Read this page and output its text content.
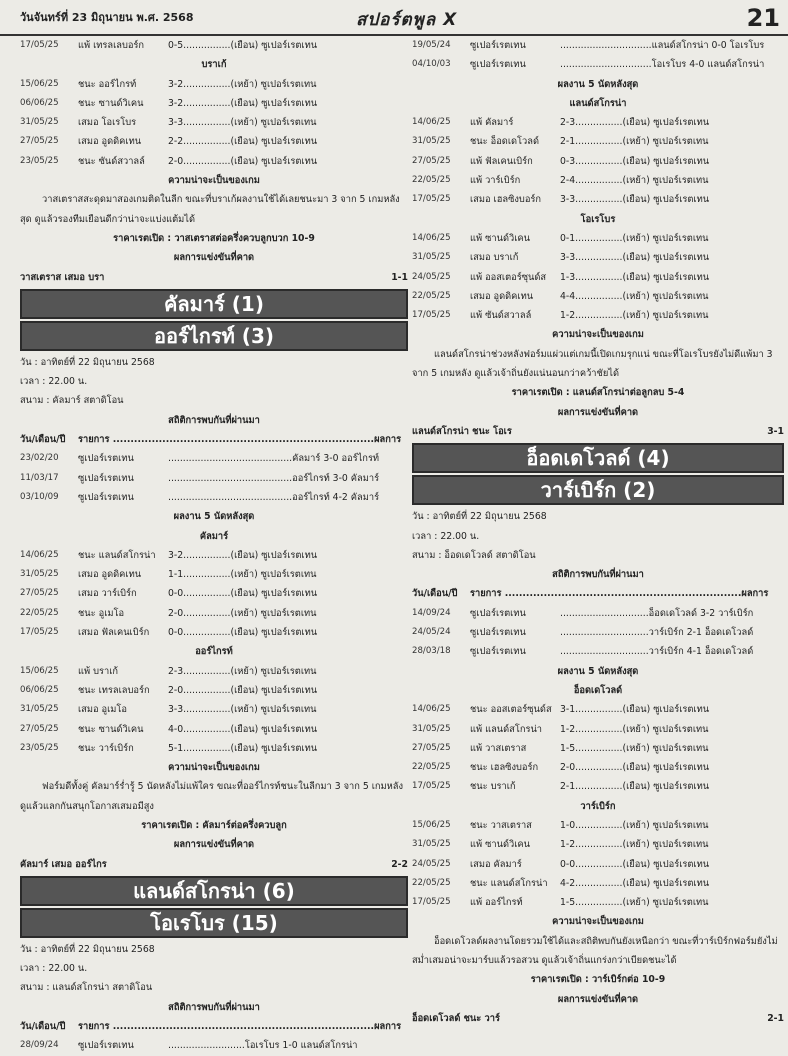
วันจันทร์ที่ 23 มิถุนายน พ.ศ. 2568	สปอร์ตพูล X	21
17/05/25	แพ้ เทรลเลบอร์ก	0-5................(เยือน) ซูเปอร์เรตเทน
บราเก้
15/06/25	ชนะ ออร์ไกรท์	3-2................(เหย้า) ซูเปอร์เรตเทน
06/06/25	ชนะ ซานด์วิเคน	3-2................(เยือน) ซูเปอร์เรตเทน
31/05/25	เสมอ โอเรโบร	3-3................(เหย้า) ซูเปอร์เรตเทน
27/05/25	เสมอ อูดดิคเทน	2-2................(เยือน) ซูเปอร์เรตเทน
23/05/25	ชนะ ซันด์สวาลล์	2-0................(เยือน) ซูเปอร์เรตเทน
ความน่าจะเป็นของเกม
วาสเตราสสะดุดมาสองเกมติดในลีก ขณะที่บราเก้ผลงานใช้ได้เลยชนะมา 3 จาก 5 เกมหลังสุด ดูแล้วรองทีมเยือนดีกว่าน่าจะแบ่งแต้มได้
ราคาเรตเปิด : วาสเตราสต่อครึ่งควบลูกบวก 10-9
ผลการแข่งขันที่คาด
วาสเตราส เสมอ บรา	1-1
คัลมาร์ (1)
ออร์ไกรท์ (3)
วัน : อาทิตย์ที่ 22 มิถุนายน 2568
เวลา : 22.00 น.
สนาม : คัลมาร์ สตาดิโอน
สถิติการพบกันที่ผ่านมา
วัน/เดือน/ปี	รายการ ..........................................................................ผลการ
23/02/20	ซูเปอร์เรตเทน	..........................................คัลมาร์ 3-0 ออร์ไกรท์
11/03/17	ซูเปอร์เรตเทน	..........................................ออร์ไกรท์ 3-0 คัลมาร์
03/10/09	ซูเปอร์เรตเทน	..........................................ออร์ไกรท์ 4-2 คัลมาร์
ผลงาน 5 นัดหลังสุด
คัลมาร์
14/06/25	ชนะ แลนด์สโกรน่า	3-2................(เยือน) ซูเปอร์เรตเทน
31/05/25	เสมอ อูดดิคเทน	1-1................(เหย้า) ซูเปอร์เรตเทน
27/05/25	เสมอ วาร์เบิร์ก	0-0................(เยือน) ซูเปอร์เรตเทน
22/05/25	ชนะ อูเมโอ	2-0................(เหย้า) ซูเปอร์เรตเทน
17/05/25	เสมอ ฟัลเคนเบิร์ก	0-0................(เยือน) ซูเปอร์เรตเทน
ออร์ไกรท์
15/06/25	แพ้ บราเก้	2-3................(เหย้า) ซูเปอร์เรตเทน
06/06/25	ชนะ เทรลเลบอร์ก	2-0................(เยือน) ซูเปอร์เรตเทน
31/05/25	เสมอ อูเมโอ	3-3................(เหย้า) ซูเปอร์เรตเทน
27/05/25	ชนะ ซานด์วิเคน	4-0................(เยือน) ซูเปอร์เรตเทน
23/05/25	ชนะ วาร์เบิร์ก	5-1................(เยือน) ซูเปอร์เรตเทน
ความน่าจะเป็นของเกม
ฟอร์มดีทั้งคู่ คัลมาร์ร่ำรู้ 5 นัดหลังไม่แพ้ใคร ขณะที่ออร์ไกรท์ชนะในลีกมา 3 จาก 5 เกมหลัง ดูแล้วแลกกันสนุกโอกาสเสมอมีสูง
ราคาเรตเปิด : คัลมาร์ต่อครึ่งควบลูก
ผลการแข่งขันที่คาด
คัลมาร์ เสมอ ออร์ไกร	2-2
แลนด์สโกรน่า (6)
โอเรโบร (15)
วัน : อาทิตย์ที่ 22 มิถุนายน 2568
เวลา : 22.00 น.
สนาม : แลนด์สโกรน่า สตาดิโอน
สถิติการพบกันที่ผ่านมา
วัน/เดือน/ปี	รายการ ..........................................................................ผลการ
28/09/24	ซูเปอร์เรตเทน	..........................โอเรโบร 1-0 แลนด์สโกรน่า
19/05/24	ซูเปอร์เรตเทน	...............................แลนด์สโกรน่า 0-0 โอเรโบร
04/10/03	ซูเปอร์เรตเทน	...............................โอเรโบร 4-0 แลนด์สโกรน่า
ผลงาน 5 นัดหลังสุด
แลนด์สโกรน่า
14/06/25	แพ้ คัลมาร์	2-3................(เยือน) ซูเปอร์เรตเทน
31/05/25	ชนะ อ็อดเดโวลด์	2-1................(เหย้า) ซูเปอร์เรตเทน
27/05/25	แพ้ ฟัลเคนเบิร์ก	0-3................(เยือน) ซูเปอร์เรตเทน
22/05/25	แพ้ วาร์เบิร์ก	2-4................(เหย้า) ซูเปอร์เรตเทน
17/05/25	เสมอ เฮลซิงบอร์ก	3-3................(เยือน) ซูเปอร์เรตเทน
โอเรโบร
14/06/25	แพ้ ซานด์วิเคน	0-1................(เหย้า) ซูเปอร์เรตเทน
31/05/25	เสมอ บราเก้	3-3................(เยือน) ซูเปอร์เรตเทน
24/05/25	แพ้ ออสเตอร์ซุนด์ส	1-3................(เยือน) ซูเปอร์เรตเทน
22/05/25	เสมอ อูดดิคเทน	4-4................(เหย้า) ซูเปอร์เรตเทน
17/05/25	แพ้ ซันด์สวาลล์	1-2................(เหย้า) ซูเปอร์เรตเทน
ความน่าจะเป็นของเกม
แลนด์สโกรน่าช่วงหลังฟอร์มแผ่วแต่เกมนี้เปิดเกมรุกแน่ ขณะที่โอเรโบรยังไม่ดีแพ้มา 3 จาก 5 เกมหลัง ดูแล้วเจ้าถิ่นยังแน่นอนกว่าคว้าชัยได้
ราคาเรตเปิด : แลนด์สโกรน่าต่อลูกลบ 5-4
ผลการแข่งขันที่คาด
แลนด์สโกรน่า ชนะ โอเร	3-1
อ็อดเดโวลด์ (4)
วาร์เบิร์ก (2)
วัน : อาทิตย์ที่ 22 มิถุนายน 2568
เวลา : 22.00 น.
สนาม : อ็อดเดโวลด์ สตาดิโอน
สถิติการพบกันที่ผ่านมา
วัน/เดือน/ปี	รายการ ...................................................................ผลการ
14/09/24	ซูเปอร์เรตเทน	..............................อ็อดเดโวลด์ 3-2 วาร์เบิร์ก
24/05/24	ซูเปอร์เรตเทน	..............................วาร์เบิร์ก 2-1 อ็อดเดโวลด์
28/03/18	ซูเปอร์เรตเทน	..............................วาร์เบิร์ก 4-1 อ็อดเดโวลด์
ผลงาน 5 นัดหลังสุด
อ็อดเดโวลด์
14/06/25	ชนะ ออสเตอร์ซุนด์ส 3-1................(เยือน) ซูเปอร์เรตเทน
31/05/25	แพ้ แลนด์สโกรน่า	1-2................(เหย้า) ซูเปอร์เรตเทน
27/05/25	แพ้ วาสเตราส	1-5................(เหย้า) ซูเปอร์เรตเทน
22/05/25	ชนะ เฮลซิงบอร์ก	2-0................(เยือน) ซูเปอร์เรตเทน
17/05/25	ชนะ บราเก้	2-1................(เยือน) ซูเปอร์เรตเทน
วาร์เบิร์ก
15/06/25	ชนะ วาสเตราส	1-0................(เหย้า) ซูเปอร์เรตเทน
31/05/25	แพ้ ซานด์วิเคน	1-2................(เหย้า) ซูเปอร์เรตเทน
24/05/25	เสมอ คัลมาร์	0-0................(เยือน) ซูเปอร์เรตเทน
22/05/25	ชนะ แลนด์สโกรน่า	4-2................(เยือน) ซูเปอร์เรตเทน
17/05/25	แพ้ ออร์ไกรท์	1-5................(เหย้า) ซูเปอร์เรตเทน
ความน่าจะเป็นของเกม
อ็อดเดโวลด์ผลงานโดยรวมใช้ได้และสถิติพบกันยังเหนือกว่า ขณะที่วาร์เบิร์กฟอร์มยังไม่สม่ำเสมอน่าจะมาร์บแล้วรอสวน ดูแล้วเจ้าถิ่นแกร่งกว่าเบียดชนะได้
ราคาเรตเปิด : วาร์เบิร์กต่อ 10-9
ผลการแข่งขันที่คาด
อ็อดเดโวลด์ ชนะ วาร์	2-1
